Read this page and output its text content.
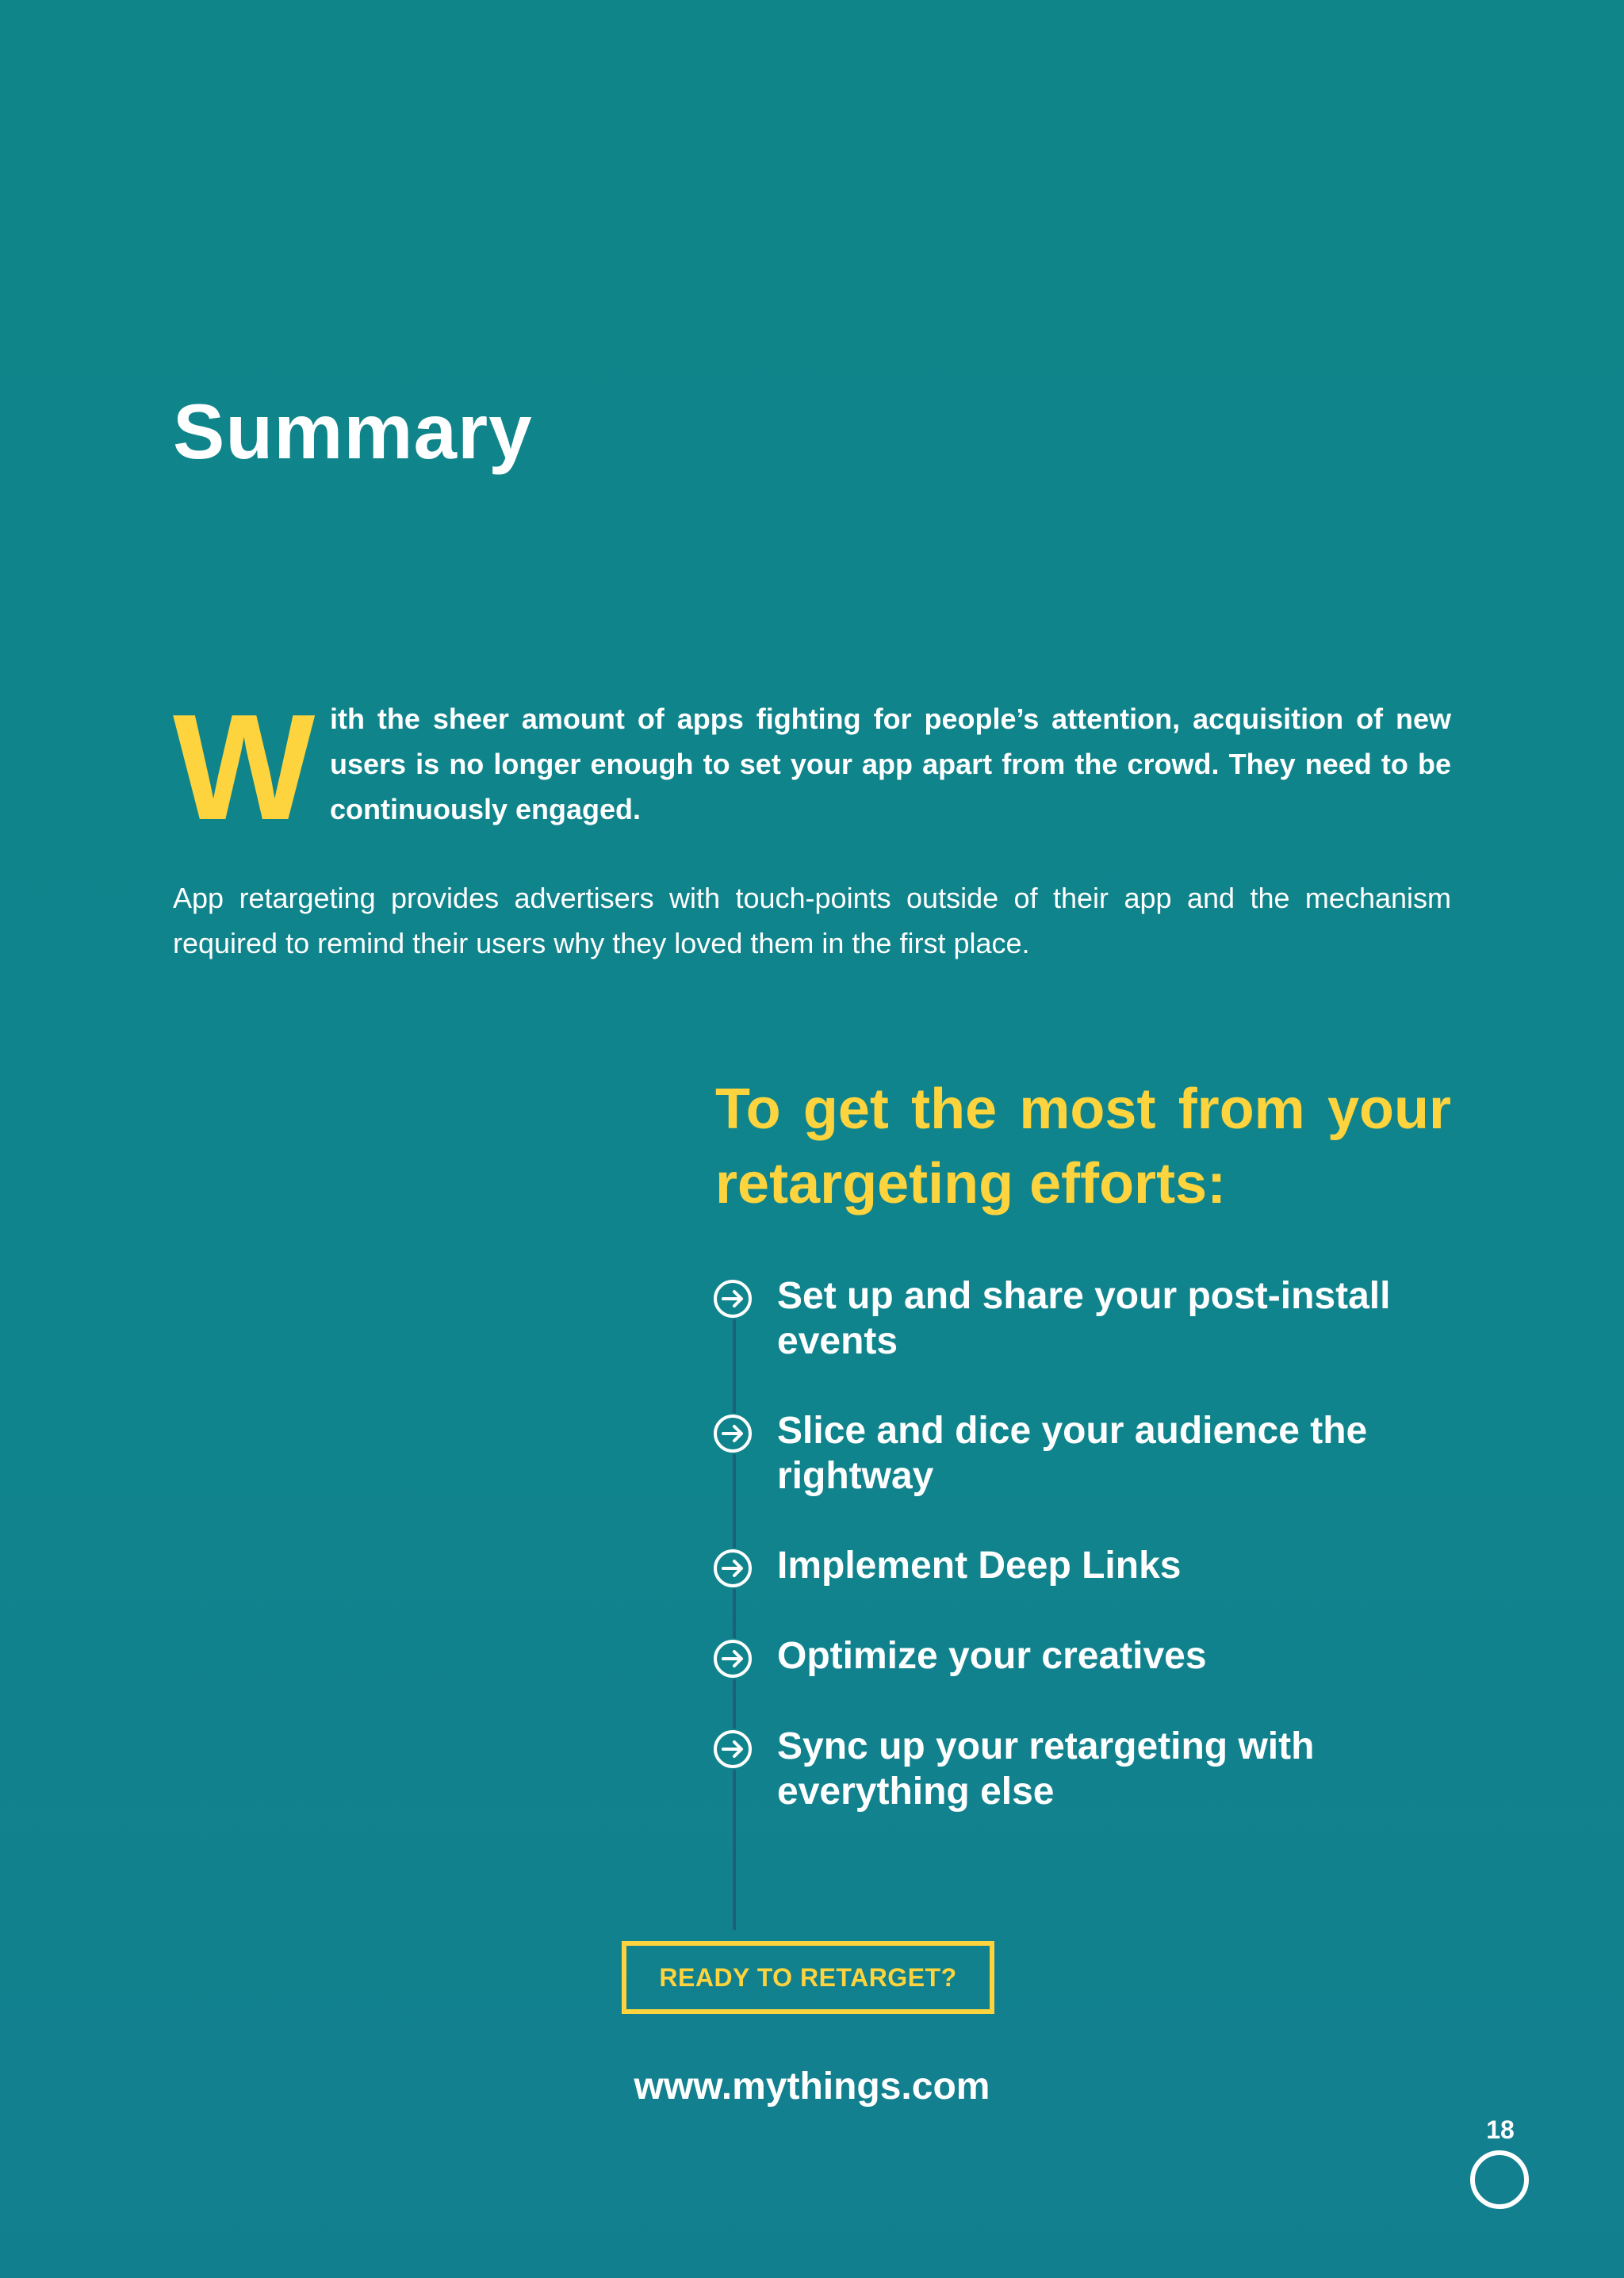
Summary
W ith the sheer amount of apps fighting for people’s attention, acquisition of new users is no longer enough to set your app apart from the crowd. They need to be continuously engaged.

App retargeting provides advertisers with touch-points outside of their app and the mechanism required to remind their users why they loved them in the first place.

To get the most from your retargeting efforts:
Set up and share your post-install events
Slice and dice your audience the rightway
Implement Deep Links
Optimize your creatives
Sync up your retargeting with everything else
READY TO RETARGET?
www.mythings.com
18
